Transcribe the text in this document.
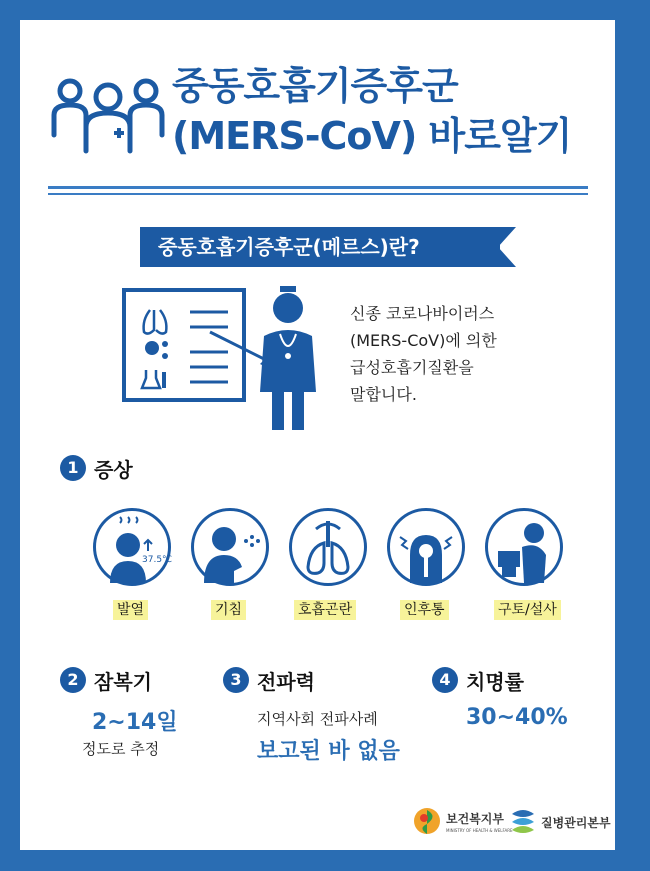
중동호흡기증후군
(MERS-CoV) 바로알기
중동호흡기증후군(메르스)란?
신종 코로나바이러스
(MERS-CoV)에 의한
급성호흡기질환을
말합니다.
1 증상
37.5℃
발열	기침	호흡곤란	인후통	구토/설사
2 잠복기
2~14일
정도로 추정
3 전파력
지역사회 전파사례
보고된 바 없음
4 치명률
30~40%
보건복지부
MINISTRY OF HEALTH & WELFARE
질병관리본부
